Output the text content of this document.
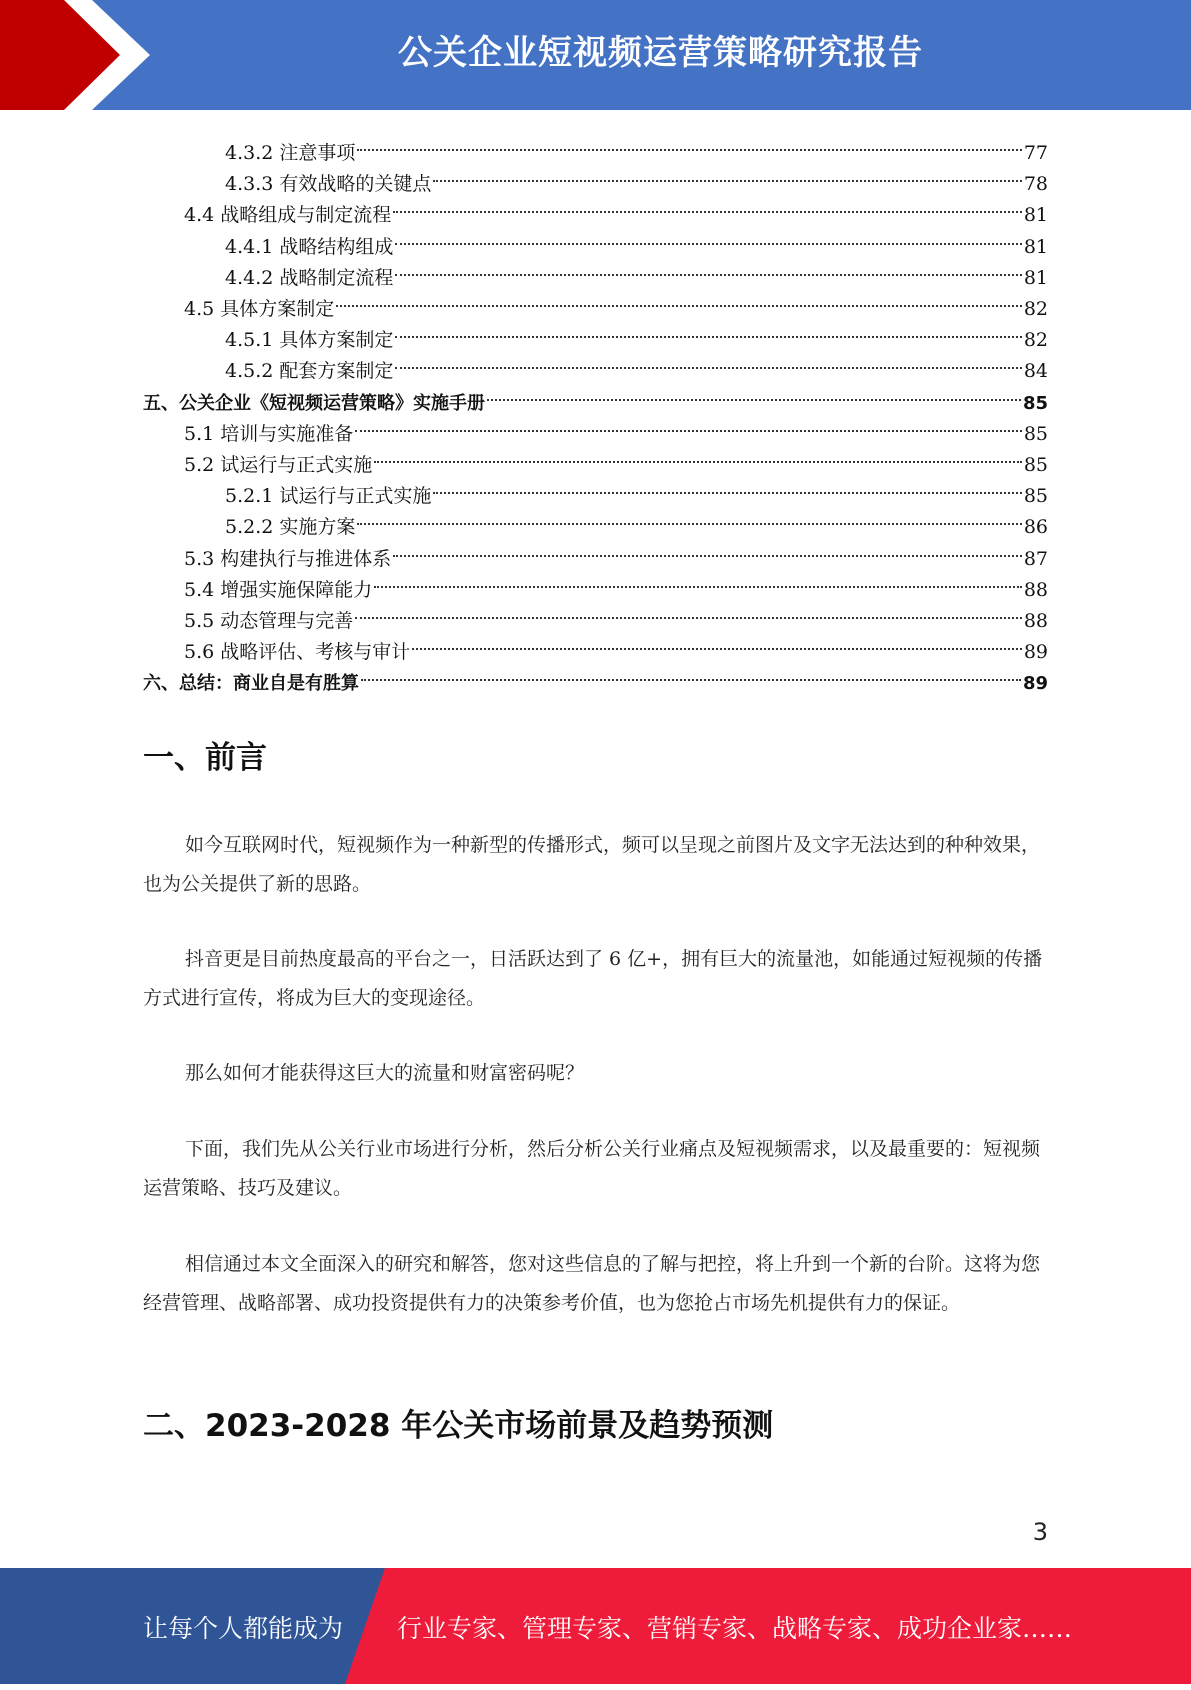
公关企业短视频运营策略研究报告
4.3.2 注意事项	77
4.3.3 有效战略的关键点	78
4.4 战略组成与制定流程	81
4.4.1 战略结构组成	81
4.4.2 战略制定流程	81
4.5 具体方案制定	82
4.5.1 具体方案制定	82
4.5.2 配套方案制定	84
五、公关企业《短视频运营策略》实施手册	85
5.1 培训与实施准备	85
5.2 试运行与正式实施	85
5.2.1 试运行与正式实施	85
5.2.2 实施方案	86
5.3 构建执行与推进体系	87
5.4 增强实施保障能力	88
5.5 动态管理与完善	88
5.6 战略评估、考核与审计	89
六、总结：商业自是有胜算	89
一、前言

如今互联网时代，短视频作为一种新型的传播形式，频可以呈现之前图片及文字无法达到的种种效果，也为公关提供了新的思路。

抖音更是目前热度最高的平台之一，日活跃达到了 6 亿+，拥有巨大的流量池，如能通过短视频的传播方式进行宣传，将成为巨大的变现途径。

那么如何才能获得这巨大的流量和财富密码呢？

下面，我们先从公关行业市场进行分析，然后分析公关行业痛点及短视频需求，以及最重要的：短视频运营策略、技巧及建议。

相信通过本文全面深入的研究和解答，您对这些信息的了解与把控，将上升到一个新的台阶。这将为您经营管理、战略部署、成功投资提供有力的决策参考价值，也为您抢占市场先机提供有力的保证。

二、2023-2028 年公关市场前景及趋势预测
3
让每个人都能成为 行业专家、管理专家、营销专家、战略专家、成功企业家……
